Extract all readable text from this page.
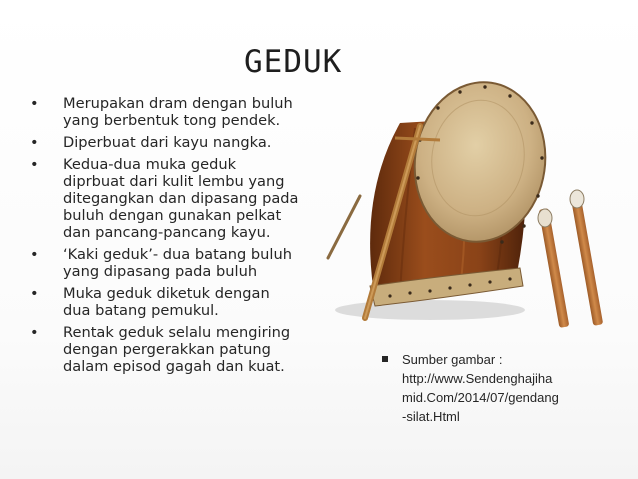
GEDUK
• Merupakan dram dengan buluh
yang berbentuk tong pendek.
• Diperbuat dari kayu nangka.
• Kedua-dua muka geduk
diprbuat dari kulit lembu yang
ditegangkan dan dipasang pada
buluh dengan gunakan pelkat
dan pancang-pancang kayu.
• ‘Kaki geduk’- dua batang buluh
yang dipasang pada buluh
• Muka geduk diketuk dengan
dua batang pemukul.
• Rentak geduk selalu mengiring
dengan pergerakkan patung
dalam episod gagah dan kuat.	Sumber gambar :
http://www.Sendenghajiha
mid.Com/2014/07/gendang
-silat.Html
